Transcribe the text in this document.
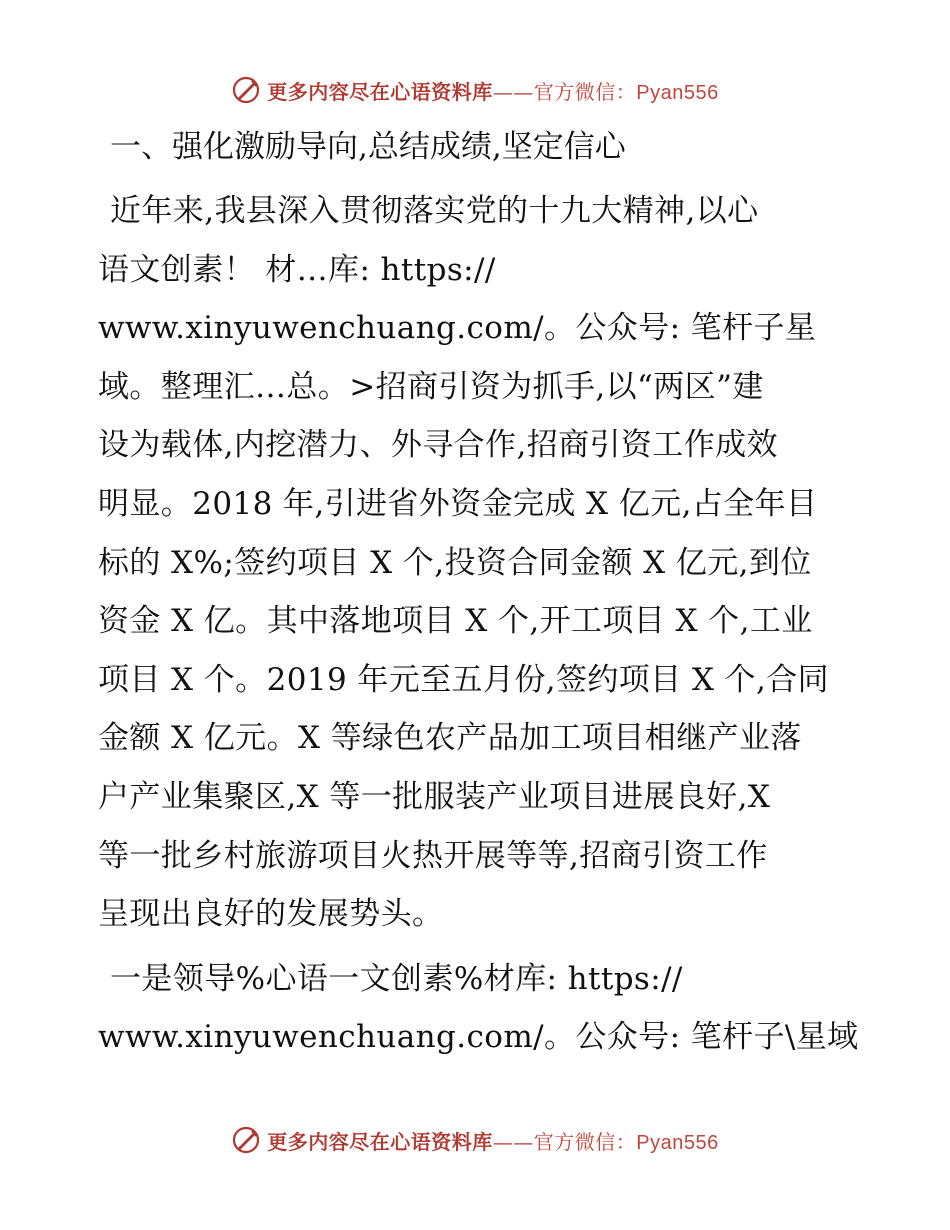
更多内容尽在心语资料库——官方微信：Pyan556
一、强化激励导向,总结成绩,坚定信心

近年来,我县深入贯彻落实党的十九大精神,以心
语文创素！ 材…库: https://
www.xinyuwenchuang.com/。公众号: 笔杆子星
域。整理汇…总。>招商引资为抓手,以“两区”建
设为载体,内挖潜力、外寻合作,招商引资工作成效
明显。2018 年,引进省外资金完成 X 亿元,占全年目
标的 X%;签约项目 X 个,投资合同金额 X 亿元,到位
资金 X 亿。其中落地项目 X 个,开工项目 X 个,工业
项目 X 个。2019 年元至五月份,签约项目 X 个,合同
金额 X 亿元。X 等绿色农产品加工项目相继产业落
户产业集聚区,X 等一批服装产业项目进展良好,X
等一批乡村旅游项目火热开展等等,招商引资工作
呈现出良好的发展势头。

一是领导%心语一文创素%材库: https://
www.xinyuwenchuang.com/。公众号: 笔杆子\星域

更多内容尽在心语资料库——官方微信：Pyan556
